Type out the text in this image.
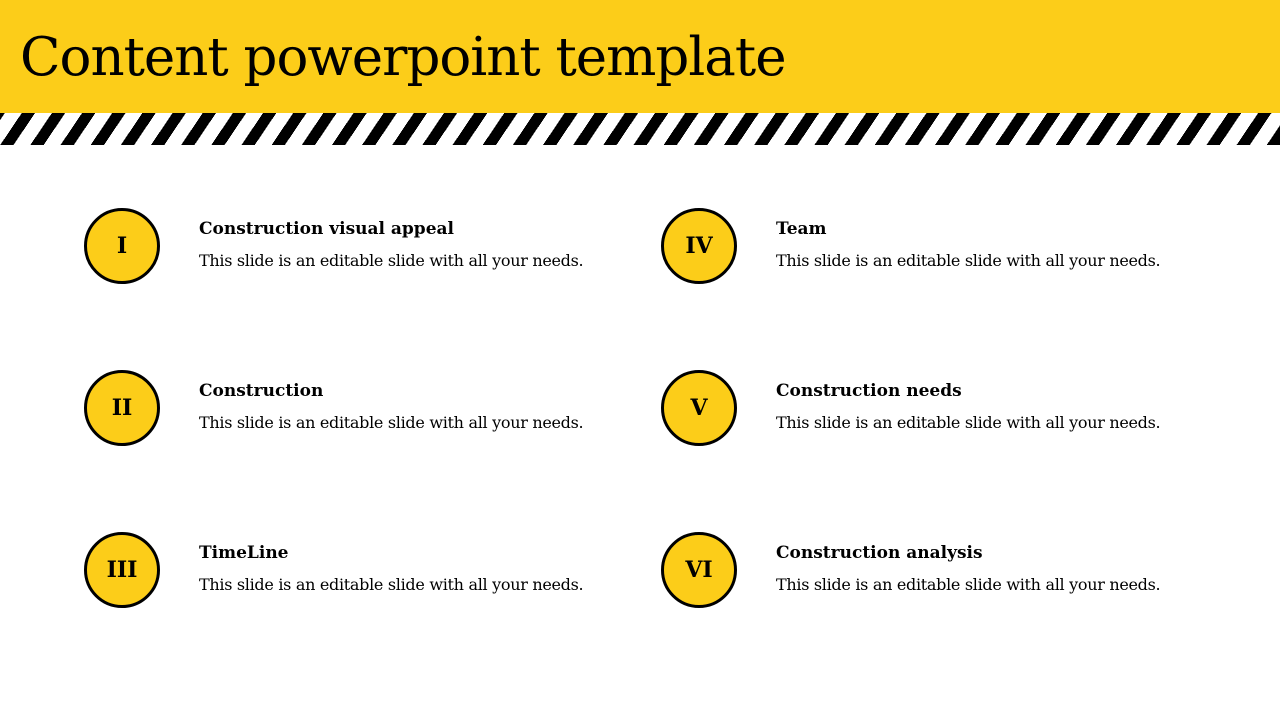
Content powerpoint template
I
Construction visual appeal
This slide is an editable slide with all your needs.
II
Construction
This slide is an editable slide with all your needs.
III
TimeLine
This slide is an editable slide with all your needs.
IV
Team
This slide is an editable slide with all your needs.
V
Construction needs
This slide is an editable slide with all your needs.
VI
Construction analysis
This slide is an editable slide with all your needs.
